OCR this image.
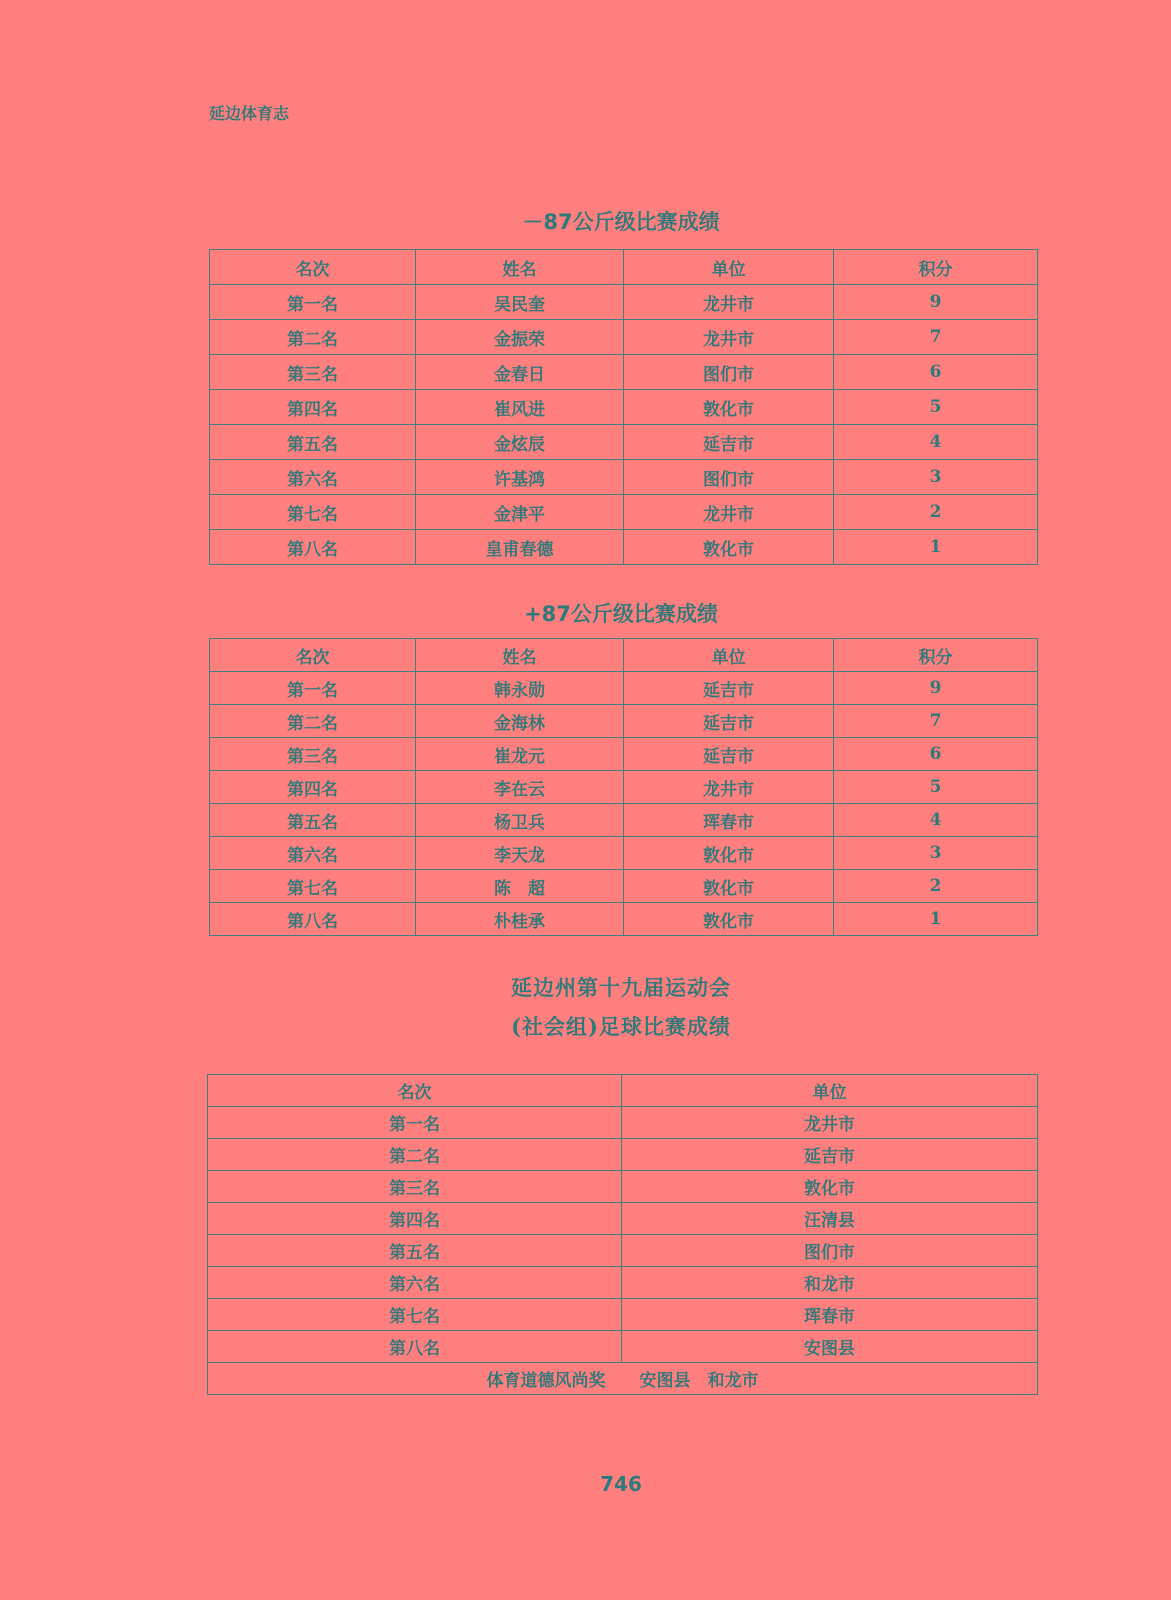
延边体育志
－87公斤级比赛成绩
名次	姓名	单位	积分
第一名	吴民奎	龙井市	9
第二名	金振荣	龙井市	7
第三名	金春日	图们市	6
第四名	崔风进	敦化市	5
第五名	金炫辰	延吉市	4
第六名	许基鸿	图们市	3
第七名	金津平	龙井市	2
第八名	皇甫春德	敦化市	1
+87公斤级比赛成绩
名次	姓名	单位	积分
第一名	韩永勋	延吉市	9
第二名	金海林	延吉市	7
第三名	崔龙元	延吉市	6
第四名	李在云	龙井市	5
第五名	杨卫兵	珲春市	4
第六名	李天龙	敦化市	3
第七名	陈　超	敦化市	2
第八名	朴桂承	敦化市	1
延边州第十九届运动会
(社会组)足球比赛成绩
名次	单位
第一名	龙井市
第二名	延吉市
第三名	敦化市
第四名	汪清县
第五名	图们市
第六名	和龙市
第七名	珲春市
第八名	安图县
体育道德风尚奖　　安图县　和龙市	
746
